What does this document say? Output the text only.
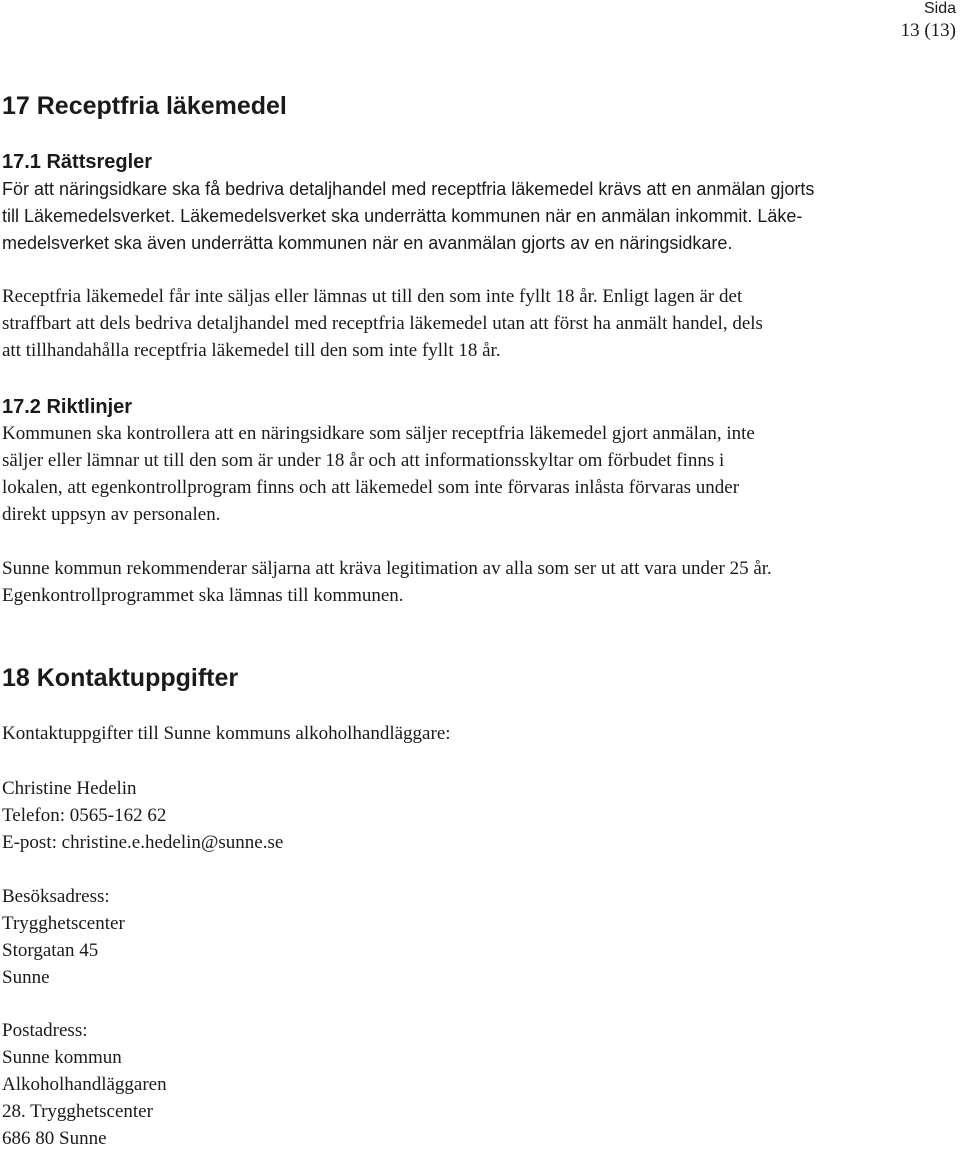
Sida
13 (13)
17 Receptfria läkemedel
17.1 Rättsregler
För att näringsidkare ska få bedriva detaljhandel med receptfria läkemedel krävs att en anmälan gjorts
till Läkemedelsverket. Läkemedelsverket ska underrätta kommunen när en anmälan inkommit. Läke-
medelsverket ska även underrätta kommunen när en avanmälan gjorts av en näringsidkare.
Receptfria läkemedel får inte säljas eller lämnas ut till den som inte fyllt 18 år. Enligt lagen är det
straffbart att dels bedriva detaljhandel med receptfria läkemedel utan att först ha anmält handel, dels
att tillhandahålla receptfria läkemedel till den som inte fyllt 18 år.
17.2 Riktlinjer
Kommunen ska kontrollera att en näringsidkare som säljer receptfria läkemedel gjort anmälan, inte
säljer eller lämnar ut till den som är under 18 år och att informationsskyltar om förbudet finns i
lokalen, att egenkontrollprogram finns och att läkemedel som inte förvaras inlåsta förvaras under
direkt uppsyn av personalen.
Sunne kommun rekommenderar säljarna att kräva legitimation av alla som ser ut att vara under 25 år.
Egenkontrollprogrammet ska lämnas till kommunen.
18 Kontaktuppgifter
Kontaktuppgifter till Sunne kommuns alkoholhandläggare:
Christine Hedelin
Telefon: 0565-162 62
E-post: christine.e.hedelin@sunne.se
Besöksadress:
Trygghetscenter
Storgatan 45
Sunne
Postadress:
Sunne kommun
Alkoholhandläggaren
28. Trygghetscenter
686 80 Sunne
